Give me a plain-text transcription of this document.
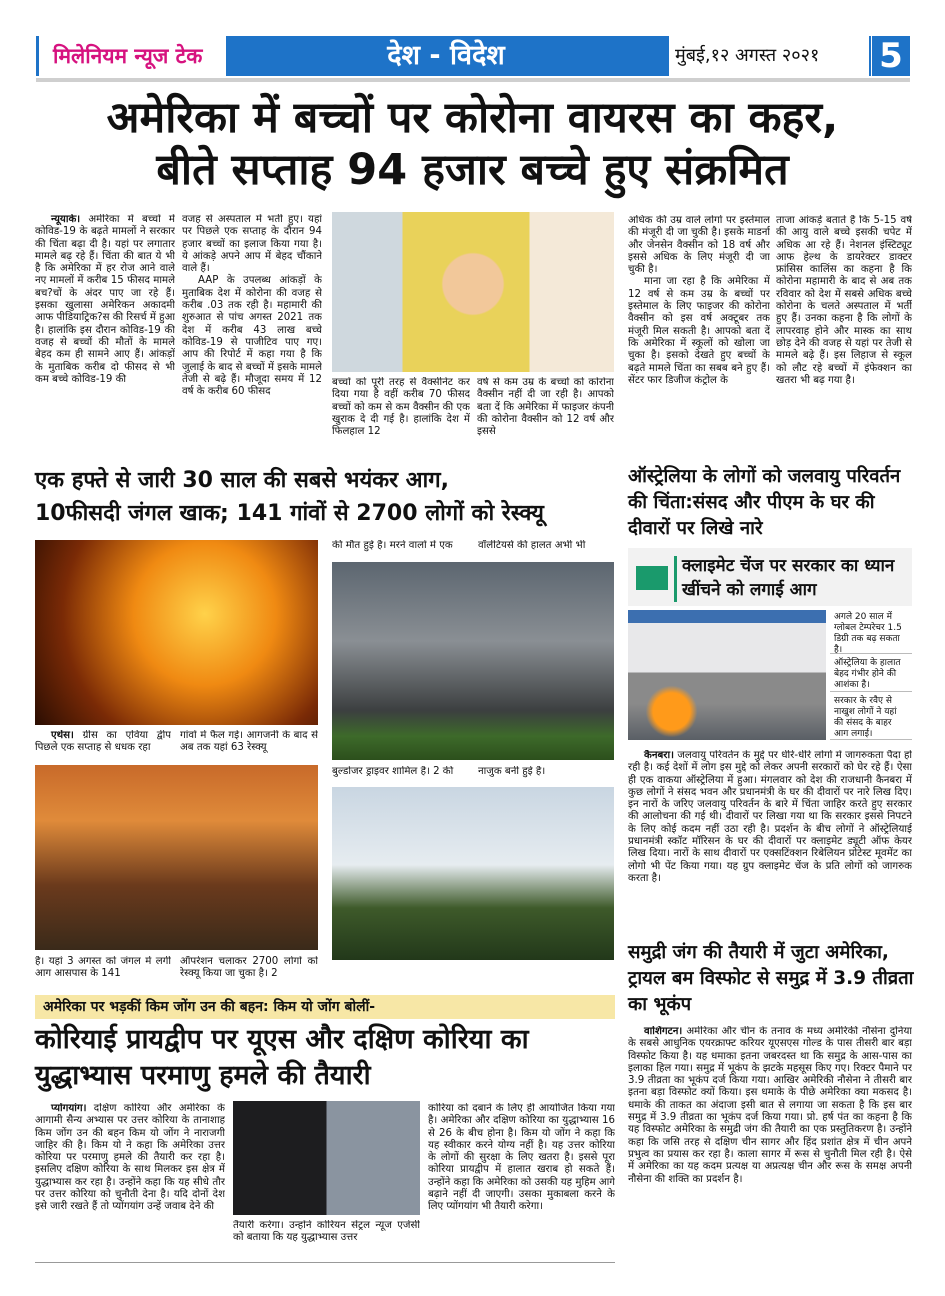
मिलेनियम न्यूज टेक	देश - विदेश	मुंबई,१२ अगस्त २०२१	5
अमेरिका में बच्चों पर कोरोना वायरस का कहर,
बीते सप्ताह 94 हजार बच्चे हुए संक्रमित

न्यूयार्क। अमेरिका में बच्चों में कोविड-19 के बढ़ते मामलों ने सरकार की चिंता बढ़ा दी है। यहां पर लगातार मामले बढ़ रहे हैं। चिंता की बात ये भी है कि अमेरिका में हर रोज आने वाले नए मामलों में करीब 15 फीसद मामले बच?चों के अंदर पाए जा रहे हैं। इसका खुलासा अमेरिकन अकादमी आफ पीडियाट्रिक?स की रिसर्च में हुआ है। हालांकि इस दौरान कोविड-19 की वजह से बच्चों की मौतों के मामले बेहद कम ही सामने आए हैं। आंकड़ों के मुताबिक करीब दो फीसद से भी कम बच्चे कोविड-19 की

वजह से अस्पताल में भर्ती हुए। यहां पर पिछले एक सप्ताह के दौरान 94 हजार बच्चों का इलाज किया गया है। ये आंकड़े अपने आप में बेहद चौंकाने वाले हैं।

AAP के उपलब्ध आंकड़ों के मुताबिक देश में कोरोना की वजह से करीब .03 तक रही है। महामारी की शुरुआत से पांच अगस्त 2021 तक देश में करीब 43 लाख बच्चे कोविड-19 से पाजीटिव पाए गए। आप की रिपोर्ट में कहा गया है कि जुलाई के बाद से बच्चों में इसके मामले तेजी से बढ़े हैं। मौजूदा समय में 12 वर्ष के करीब 60 फीसद

बच्चों को पूरी तरह से वैक्सीनेट कर दिया गया है वहीं करीब 70 फीसद बच्चों को कम से कम वैक्सीन की एक खुराक दे दी गई है। हालांकि देश में फिलहाल 12
वर्ष से कम उम्र के बच्चों को कोरोना वैक्सीन नहीं दी जा रही है। आपको बता दें कि अमेरिका में फाइजर कंपनी की कोरोना वैक्सीन को 12 वर्ष और इससे
अधिक की उम्र वाले लोगों पर इस्तेमाल की मंजूरी दी जा चुकी है। इसके माडर्ना और जेनसेन वैक्सीन को 18 वर्ष और इससे अधिक के लिए मंजूरी दी जा चुकी है।

माना जा रहा है कि अमेरिका में 12 वर्ष से कम उम्र के बच्चों पर इस्तेमाल के लिए फाइजर की कोरोना वैक्सीन को इस वर्ष अक्टूबर तक मंजूरी मिल सकती है। आपको बता दें कि अमेरिका में स्कूलों को खोला जा चुका है। इसको देखते हुए बच्चों के बढ़ते मामले चिंता का सबब बने हुए हैं। सेंटर फार डिजीज कंट्रोल के

ताजा आंकड़े बताते हैं कि 5-15 वर्ष की आयु वाले बच्चे इसकी चपेट में अधिक आ रहे हैं। नेशनल इंस्टिट्यूट आफ हेल्थ के डायरेक्टर डाक्टर फ्रांसिस कालिंस का कहना है कि कोरोना महामारी के बाद से अब तक रविवार को देश में सबसे अधिक बच्चे कोरोना के चलते अस्पताल में भर्ती हुए हैं। उनका कहना है कि लोगों के लापरवाह होने और मास्क का साथ छोड़ देने की वजह से यहां पर तेजी से मामले बढ़े हैं। इस लिहाज से स्कूल को लौट रहे बच्चों में इंफेक्शन का खतरा भी बढ़ गया है।
एक हफ्ते से जारी 30 साल की सबसे भयंकर आग,
10फीसदी जंगल खाक; 141 गांवों से 2700 लोगों को रेस्क्यू

एथेंस। ग्रीस का एविया द्वीप पिछले एक सप्ताह से धधक रहा

गांवों में फैल गई। आगजनी के बाद से अब तक यहां 63 रेस्क्यू
है। यहां 3 अगस्त को जंगल में लगी आग आसपास के 141
ऑपरेशन चलाकर 2700 लोगों को रेस्क्यू किया जा चुका है। 2
की मौत हुई है। मरने वालों में एक	वॉलेंटियर्स की हालत अभी भी
बुल्डोजर ड्राइवर शामिल है। 2 की	नाजुक बनी हुई है।
ऑस्ट्रेलिया के लोगों को जलवायु परिवर्तन की चिंता:संसद और पीएम के घर की दीवारों पर लिखे नारे
क्लाइमेट चेंज पर सरकार का ध्यान खींचने को लगाई आग
अगले 20 साल में ग्लोबल टेम्परेचर 1.5 डिग्री तक बढ़ सकता है।
ऑस्ट्रेलिया के हालात बेहद गंभीर होने की आशंका है।
सरकार के रवैए से नाखुश लोगों ने यहां की संसद के बाहर आग लगाई।

कैनबरा। जलवायु परिवर्तन के मुद्दे पर धीरे-धीरे लोगों में जागरुकता पैदा हो रही है। कई देशों में लोग इस मुद्दे को लेकर अपनी सरकारों को घेर रहे हैं। ऐसा ही एक वाकया ऑस्ट्रेलिया में हुआ। मंगलवार को देश की राजधानी कैनबरा में कुछ लोगों ने संसद भवन और प्रधानमंत्री के घर की दीवारों पर नारे लिख दिए। इन नारों के जरिए जलवायु परिवर्तन के बारे में चिंता जाहिर करते हुए सरकार की आलोचना की गई थी। दीवारों पर लिखा गया था कि सरकार इससे निपटने के लिए कोई कदम नहीं उठा रही है। प्रदर्शन के बीच लोगों ने ऑस्ट्रेलियाई प्रधानमंत्री स्कॉट मॉरिसन के घर की दीवारों पर क्लाइमेट ड्यूटी ऑफ केयर लिख दिया। नारों के साथ दीवारों पर एक्सटिंक्शन रिबेलियन प्रोटेस्ट मूवमेंट का लोगो भी पेंट किया गया। यह ग्रुप क्लाइमेट चेंज के प्रति लोगों को जागरुक करता है।

समुद्री जंग की तैयारी में जुटा अमेरिका, ट्रायल बम विस्फोट से समुद्र में 3.9 तीव्रता का भूकंप

वाशिंगटन। अमेरिका और चीन के तनाव के मध्य अमेरिकी नौसेना दुनिया के सबसे आधुनिक एयरक्राफ्ट करियर यूएसएस गोल्ड के पास तीसरी बार बड़ा विस्फोट किया है। यह धमाका इतना जबरदस्त था कि समुद्र के आस-पास का इलाका हिल गया। समुद्र में भूकंप के झटके महसूस किए गए। रिक्टर पैमाने पर 3.9 तीव्रता का भूकंप दर्ज किया गया। आखिर अमेरिकी नौसेना ने तीसरी बार इतना बड़ा विस्फोट क्यों किया। इस धमाके के पीछे अमेरिका क्या मकसद है। धमाके की ताकत का अंदाजा इसी बात से लगाया जा सकता है कि इस बार समुद्र में 3.9 तीव्रता का भूकंप दर्ज किया गया। प्रो. हर्ष पंत का कहना है कि यह विस्फोट अमेरिका के समुद्री जंग की तैयारी का एक प्रस्तुतिकरण है। उन्होंने कहा कि जसि तरह से दक्षिण चीन सागर और हिंद प्रशांत क्षेत्र में चीन अपने प्रभुत्व का प्रयास कर रहा है। काला सागर में रूस से चुनौती मिल रही है। ऐसे में अमेरिका का यह कदम प्रत्यक्ष या अप्रत्यक्ष चीन और रूस के समक्ष अपनी नौसेना की शक्ति का प्रदर्शन है।

अमेरिका पर भड़कीं किम जोंग उन की बहन: किम यो जोंग बोलीं-
कोरियाई प्रायद्वीप पर यूएस और दक्षिण कोरिया का युद्धाभ्यास परमाणु हमले की तैयारी

प्योंगयांग। दक्षिण कोरिया और अमेरिका के आगामी सैन्य अभ्यास पर उत्तर कोरिया के तानाशाह किम जोंग उन की बहन किम यो जोंग ने नाराजगी जाहिर की है। किम यो ने कहा कि अमेरिका उत्तर कोरिया पर परमाणु हमले की तैयारी कर रहा है। इसलिए दक्षिण कोरिया के साथ मिलकर इस क्षेत्र में युद्धाभ्यास कर रहा है। उन्होंने कहा कि यह सीधे तौर पर उत्तर कोरिया को चुनौती देना है। यदि दोनों देश इसे जारी रखते हैं तो प्योंगयांग उन्हें जवाब देने की

तैयारी करेगा। उन्होंने कोरियन सेंट्रल न्यूज एजेंसी को बताया कि यह युद्धाभ्यास उत्तर
कोरिया को दबाने के लिए ही आयोजित किया गया है। अमेरिका और दक्षिण कोरिया का युद्धाभ्यास 16 से 26 के बीच होना है। किम यो जोंग ने कहा कि यह स्वीकार करने योग्य नहीं है। यह उत्तर कोरिया के लोगों की सुरक्षा के लिए खतरा है। इससे पूरा कोरिया प्रायद्वीप में हालात खराब हो सकते हैं। उन्होंने कहा कि अमेरिका को उसकी यह मुहिम आगे बढ़ाने नहीं दी जाएगी। उसका मुकाबला करने के लिए प्योंगयांग भी तैयारी करेगा।
